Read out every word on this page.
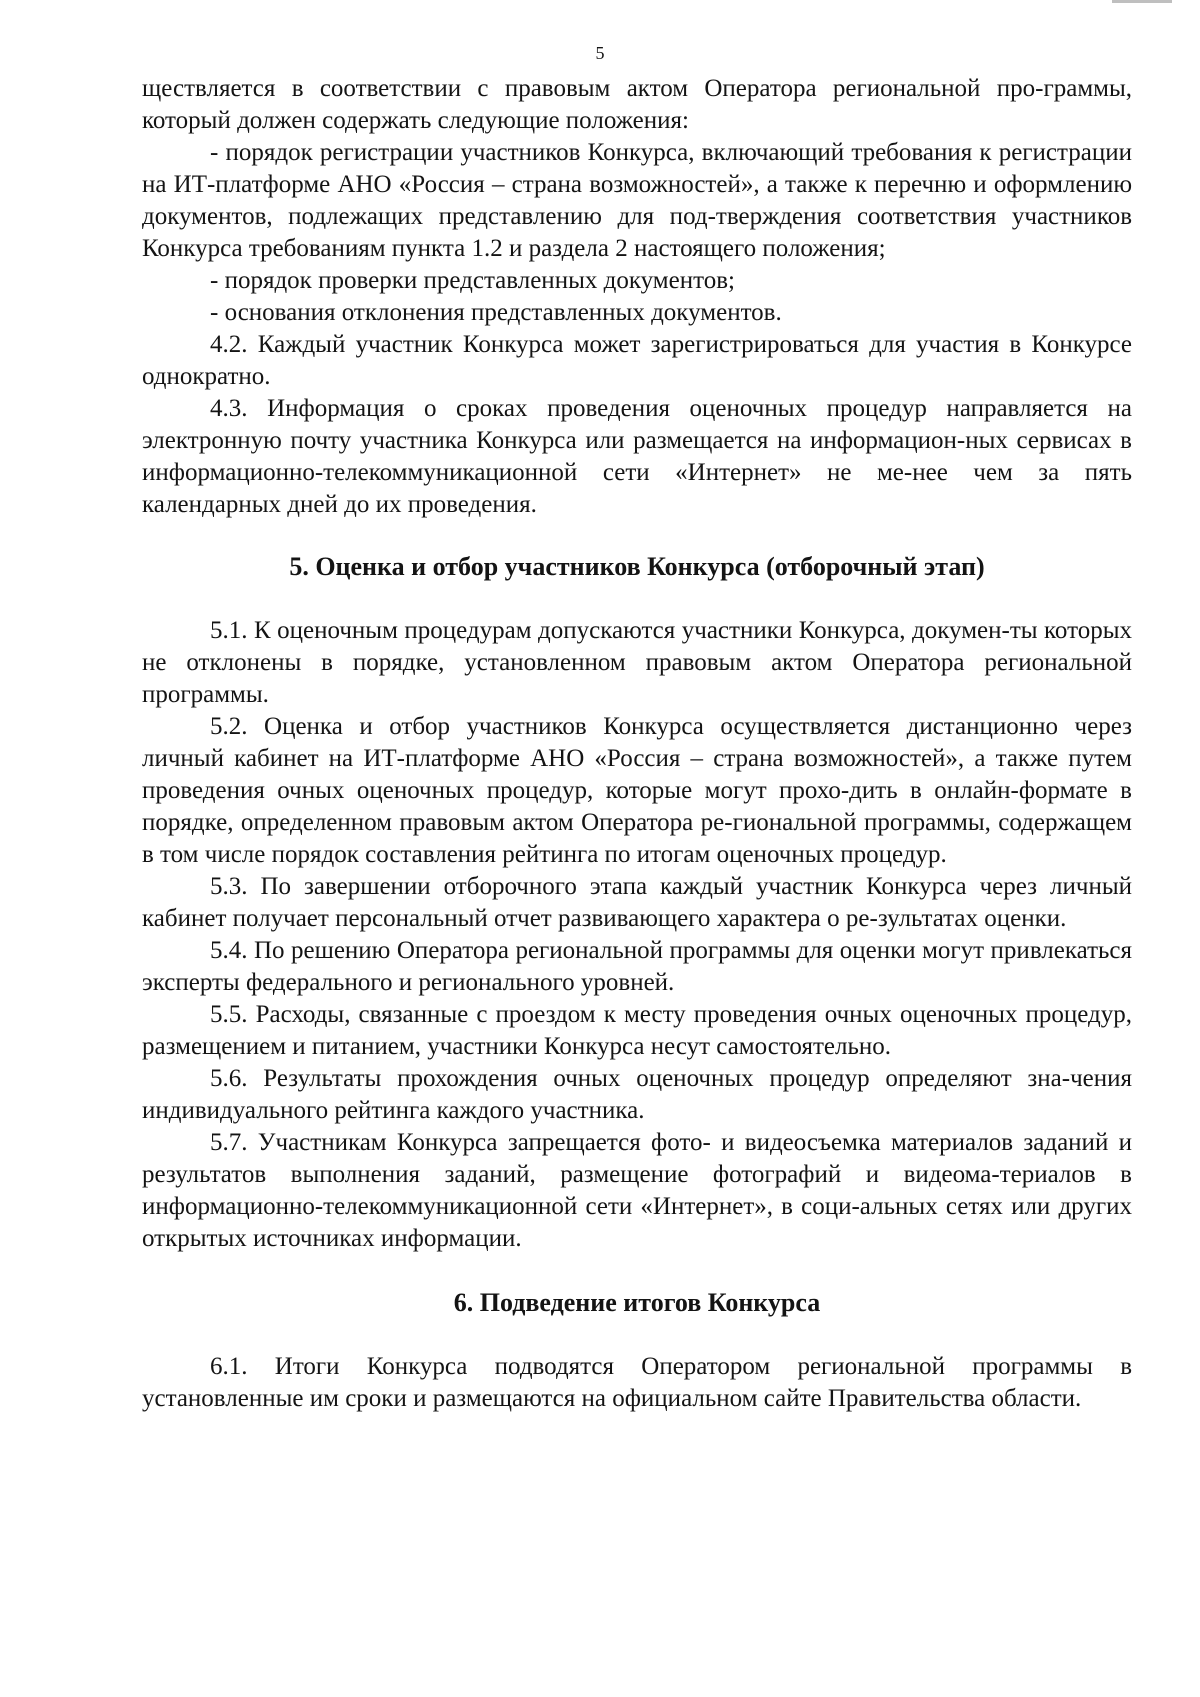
5

ществляется в соответствии с правовым актом Оператора региональной про-граммы, который должен содержать следующие положения:

- порядок регистрации участников Конкурса, включающий требования к регистрации на ИТ-платформе АНО «Россия – страна возможностей», а также к перечню и оформлению документов, подлежащих представлению для под-тверждения соответствия участников Конкурса требованиям пункта 1.2 и раздела 2 настоящего положения;

- порядок проверки представленных документов;

- основания отклонения представленных документов.

4.2. Каждый участник Конкурса может зарегистрироваться для участия в Конкурсе однократно.

4.3. Информация о сроках проведения оценочных процедур направляется на электронную почту участника Конкурса или размещается на информацион-ных сервисах в информационно-телекоммуникационной сети «Интернет» не ме-нее чем за пять календарных дней до их проведения.

5. Оценка и отбор участников Конкурса (отборочный этап)

5.1. К оценочным процедурам допускаются участники Конкурса, докумен-ты которых не отклонены в порядке, установленном правовым актом Оператора региональной программы.

5.2. Оценка и отбор участников Конкурса осуществляется дистанционно через личный кабинет на ИТ-платформе АНО «Россия – страна возможностей», а также путем проведения очных оценочных процедур, которые могут прохо-дить в онлайн-формате в порядке, определенном правовым актом Оператора ре-гиональной программы, содержащем в том числе порядок составления рейтинга по итогам оценочных процедур.

5.3. По завершении отборочного этапа каждый участник Конкурса через личный кабинет получает персональный отчет развивающего характера о ре-зультатах оценки.

5.4. По решению Оператора региональной программы для оценки могут привлекаться эксперты федерального и регионального уровней.

5.5. Расходы, связанные с проездом к месту проведения очных оценочных процедур, размещением и питанием, участники Конкурса несут самостоятельно.

5.6. Результаты прохождения очных оценочных процедур определяют зна-чения индивидуального рейтинга каждого участника.

5.7. Участникам Конкурса запрещается фото- и видеосъемка материалов заданий и результатов выполнения заданий, размещение фотографий и видеома-териалов в информационно-телекоммуникационной сети «Интернет», в соци-альных сетях или других открытых источниках информации.

6. Подведение итогов Конкурса

6.1. Итоги Конкурса подводятся Оператором региональной программы в установленные им сроки и размещаются на официальном сайте Правительства области.
